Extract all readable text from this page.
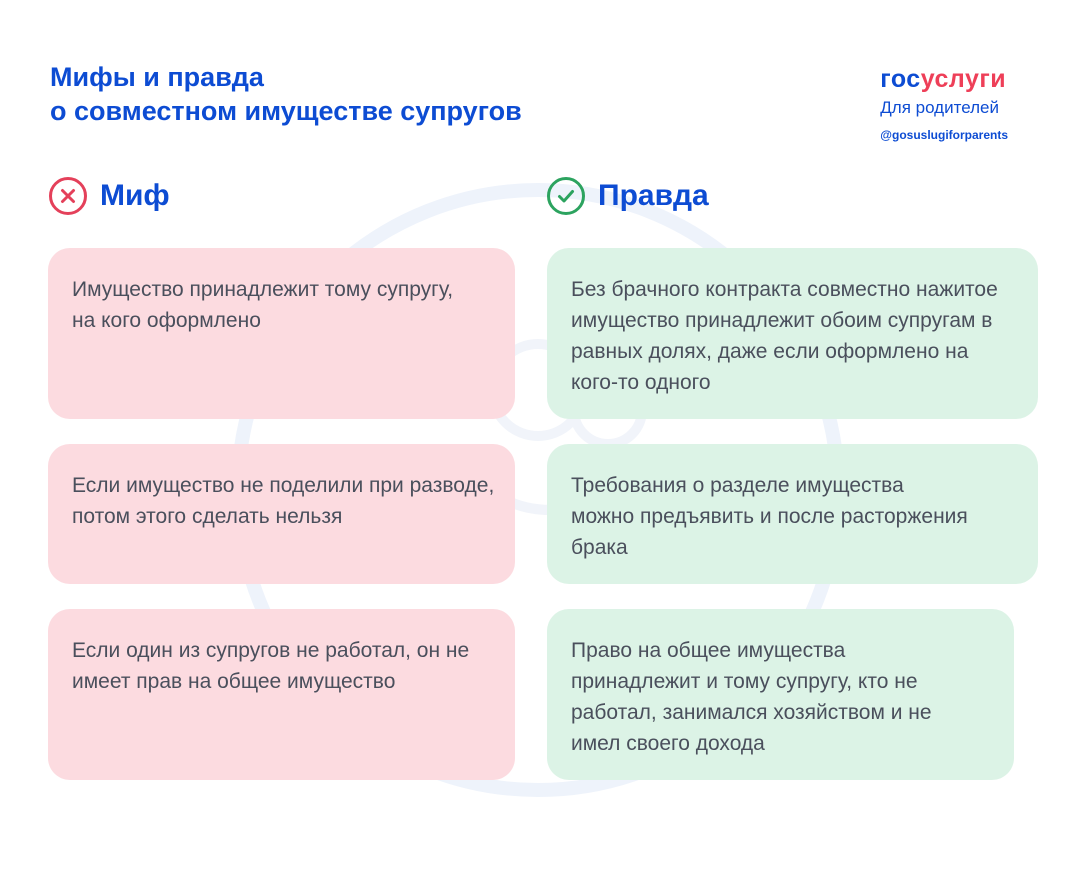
Мифы и правда
о совместном имуществе супругов
госуслуги
Для родителей
@gosuslugiforparents
Миф	Правда
Имущество принадлежит тому супругу, на кого оформлено
Без брачного контракта совместно нажитое имущество принадлежит обоим супругам в равных долях, даже если оформлено на кого-то одного
Если имущество не поделили при разводе, потом этого сделать нельзя
Требования о разделе имущества можно предъявить и после расторжения брака
Если один из супругов не работал, он не имеет прав на общее имущество
Право на общее имущества принадлежит и тому супругу, кто не работал, занимался хозяйством и не имел своего дохода
